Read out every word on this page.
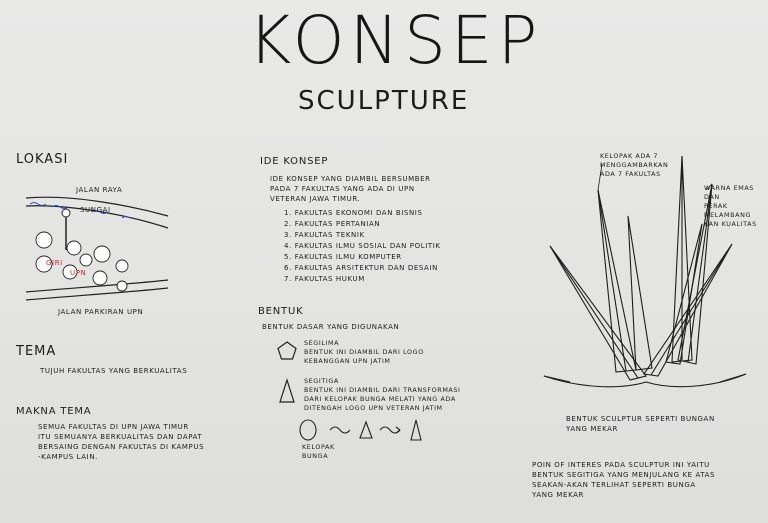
KONSEP
SCULPTURE
LOKASI
JALAN RAYA
SUNGAI
GIRI
UPN
JALAN PARKIRAN UPN
TEMA
TUJUH FAKULTAS YANG BERKUALITAS
MAKNA TEMA
SEMUA FAKULTAS DI UPN JAWA TIMUR
ITU SEMUANYA BERKUALITAS DAN DAPAT
BERSAING DENGAN FAKULTAS DI KAMPUS
-KAMPUS LAIN.
IDE KONSEP
IDE KONSEP YANG DIAMBIL BERSUMBER
PADA 7 FAKULTAS YANG ADA DI UPN
VETERAN JAWA TIMUR.
1. FAKULTAS EKONOMI DAN BISNIS
2. FAKULTAS PERTANIAN
3. FAKULTAS TEKNIK
4. FAKULTAS ILMU SOSIAL DAN POLITIK
5. FAKULTAS ILMU KOMPUTER
6. FAKULTAS ARSITEKTUR DAN DESAIN
7. FAKULTAS HUKUM
BENTUK
BENTUK DASAR YANG DIGUNAKAN
SEGILIMA
BENTUK INI DIAMBIL DARI LOGO
KEBANGGAN UPN JATIM
SEGITIGA
BENTUK INI DIAMBIL DARI TRANSFORMASI
DARI KELOPAK BUNGA MELATI YANG ADA
DITENGAH LOGO UPN VETERAN JATIM
KELOPAK
BUNGA
KELOPAK ADA 7
MENGGAMBARKAN
ADA 7 FAKULTAS
WARNA EMAS DAN
PERAK MELAMBANG
KAN KUALITAS
BENTUK SCULPTUR SEPERTI BUNGAN
YANG MEKAR
POIN OF INTERES PADA SCULPTUR INI YAITU
BENTUK SEGITIGA YANG MENJULANG KE ATAS
SEAKAN-AKAN TERLIHAT SEPERTI BUNGA
YANG MEKAR
